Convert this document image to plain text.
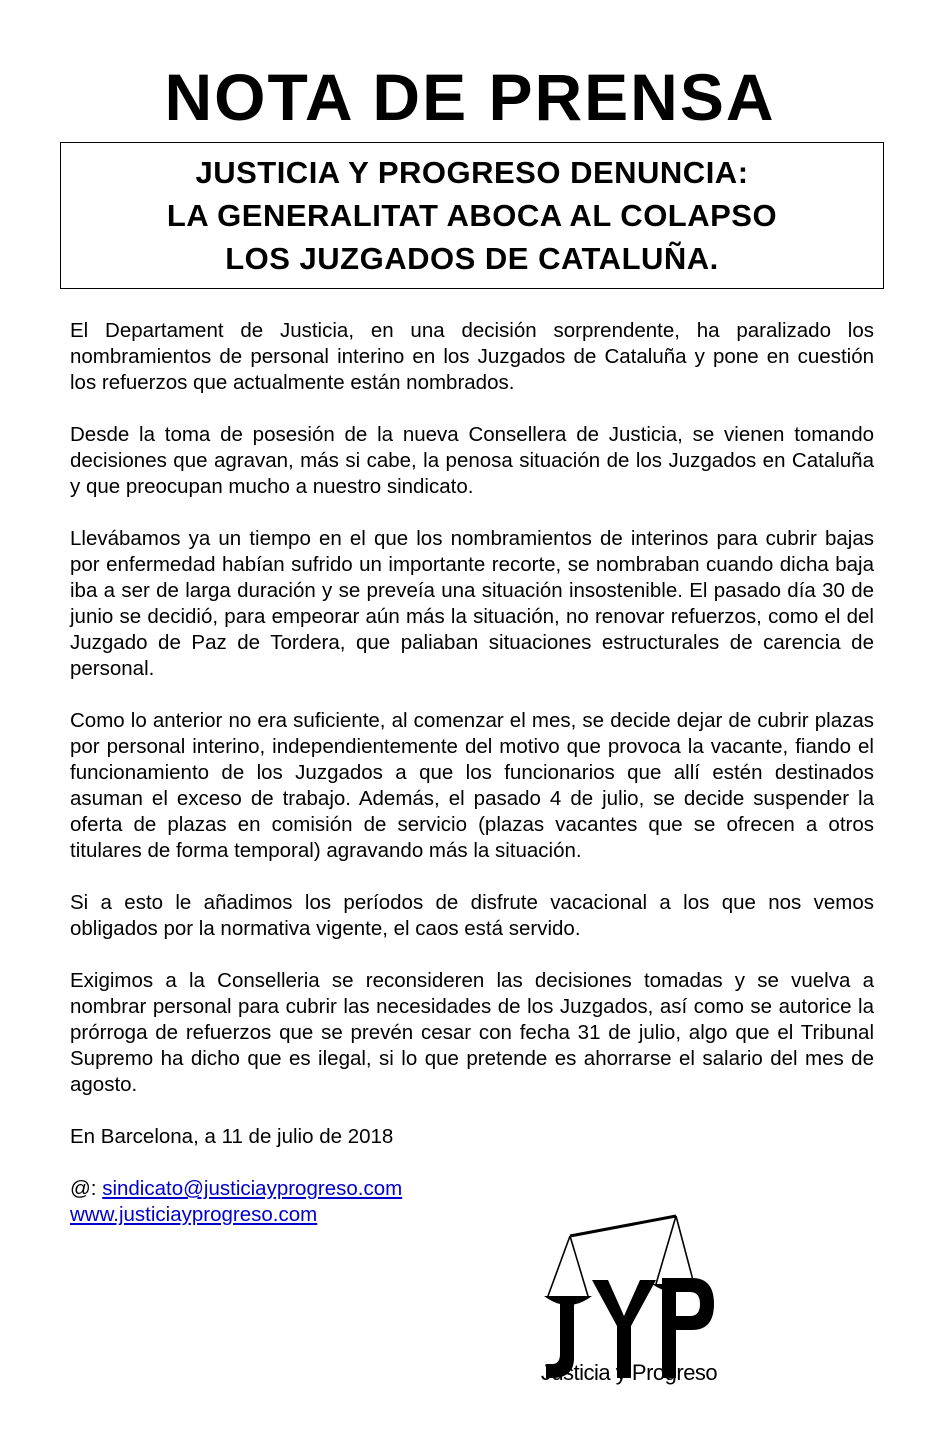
NOTA DE PRENSA
JUSTICIA Y PROGRESO DENUNCIA:
LA GENERALITAT ABOCA AL COLAPSO
LOS JUZGADOS DE CATALUÑA.

El Departament de Justicia, en una decisión sorprendente, ha paralizado los nombramientos de personal interino en los Juzgados de Cataluña y pone en cuestión los refuerzos que actualmente están nombrados.

Desde la toma de posesión de la nueva Consellera de Justicia, se vienen tomando decisiones que agravan, más si cabe, la penosa situación de los Juzgados en Cataluña y que preocupan mucho a nuestro sindicato.

Llevábamos ya un tiempo en el que los nombramientos de interinos para cubrir bajas por enfermedad habían sufrido un importante recorte, se nombraban cuando dicha baja iba a ser de larga duración y se preveía una situación insostenible. El pasado día 30 de junio se decidió, para empeorar aún más la situación, no renovar refuerzos, como el del Juzgado de Paz de Tordera, que paliaban situaciones estructurales de carencia de personal.

Como lo anterior no era suficiente, al comenzar el mes, se decide dejar de cubrir plazas por personal interino, independientemente del motivo que provoca la vacante, fiando el funcionamiento de los Juzgados a que los funcionarios que allí estén destinados asuman el exceso de trabajo. Además, el pasado 4 de julio, se decide suspender la oferta de plazas en comisión de servicio (plazas vacantes que se ofrecen a otros titulares de forma temporal) agravando más la situación.

Si a esto le añadimos los períodos de disfrute vacacional a los que nos vemos obligados por la normativa vigente, el caos está servido.

Exigimos a la Conselleria se reconsideren las decisiones tomadas y se vuelva a nombrar personal para cubrir las necesidades de los Juzgados, así como se autorice la prórroga de refuerzos que se prevén cesar con fecha 31 de julio, algo que el Tribunal Supremo ha dicho que es ilegal, si lo que pretende es ahorrarse el salario del mes de agosto.

En Barcelona, a 11 de julio de 2018

@: sindicato@justiciayprogreso.com

www.justiciayprogreso.com

Justicia y Progreso
